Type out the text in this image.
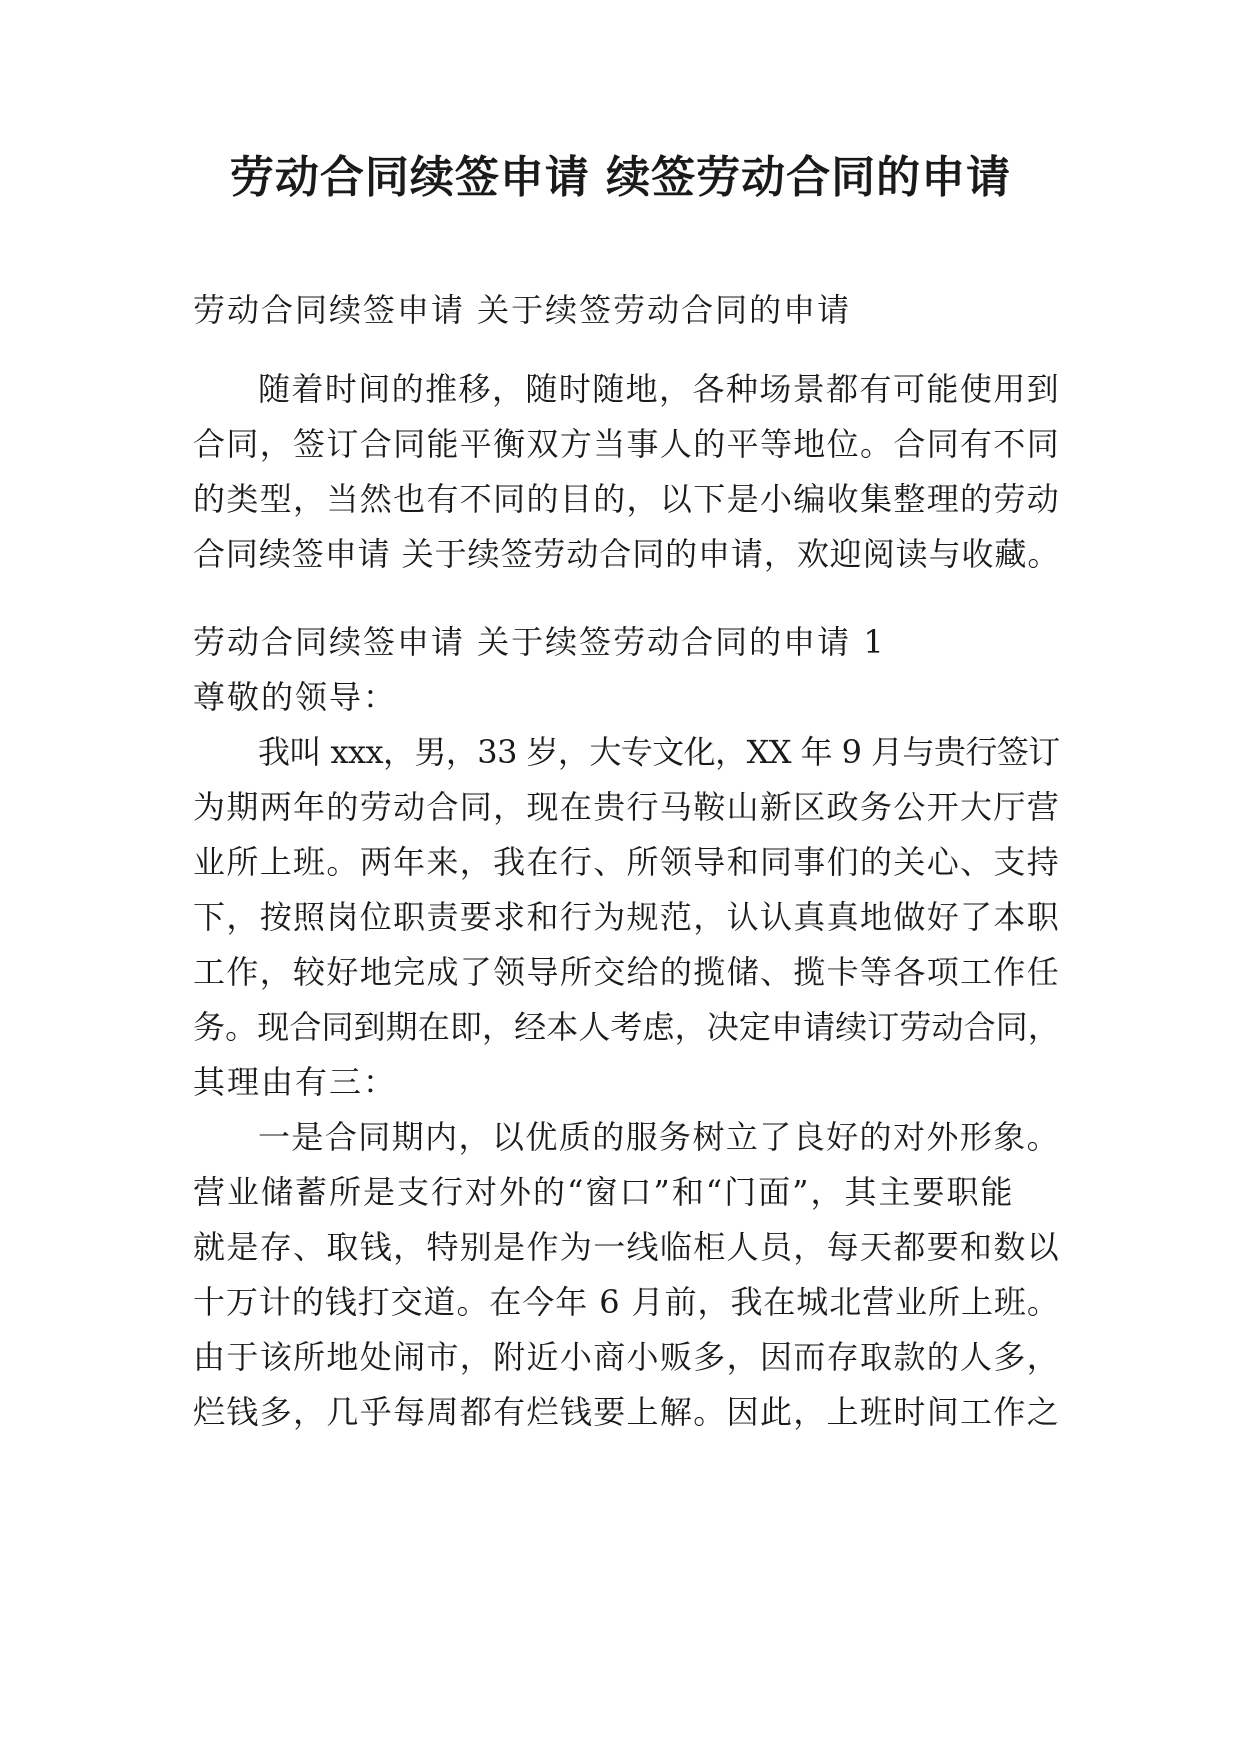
劳动合同续签申请 续签劳动合同的申请
劳动合同续签申请 关于续签劳动合同的申请
随着时间的推移，随时随地，各种场景都有可能使用到
合同，签订合同能平衡双方当事人的平等地位。合同有不同
的类型，当然也有不同的目的，以下是小编收集整理的劳动
合同续签申请 关于续签劳动合同的申请，欢迎阅读与收藏。
劳动合同续签申请 关于续签劳动合同的申请 1
尊敬的领导：
我叫 xxx，男，33 岁，大专文化，XX 年 9 月与贵行签订
为期两年的劳动合同，现在贵行马鞍山新区政务公开大厅营
业所上班。两年来，我在行、所领导和同事们的关心、支持
下，按照岗位职责要求和行为规范，认认真真地做好了本职
工作，较好地完成了领导所交给的揽储、揽卡等各项工作任
务。现合同到期在即，经本人考虑，决定申请续订劳动合同，
其理由有三：
一是合同期内，以优质的服务树立了良好的对外形象。
营业储蓄所是支行对外的“窗口”和“门面”，其主要职能
就是存、取钱，特别是作为一线临柜人员，每天都要和数以
十万计的钱打交道。在今年 6 月前，我在城北营业所上班。
由于该所地处闹市，附近小商小贩多，因而存取款的人多，
烂钱多，几乎每周都有烂钱要上解。因此，上班时间工作之
